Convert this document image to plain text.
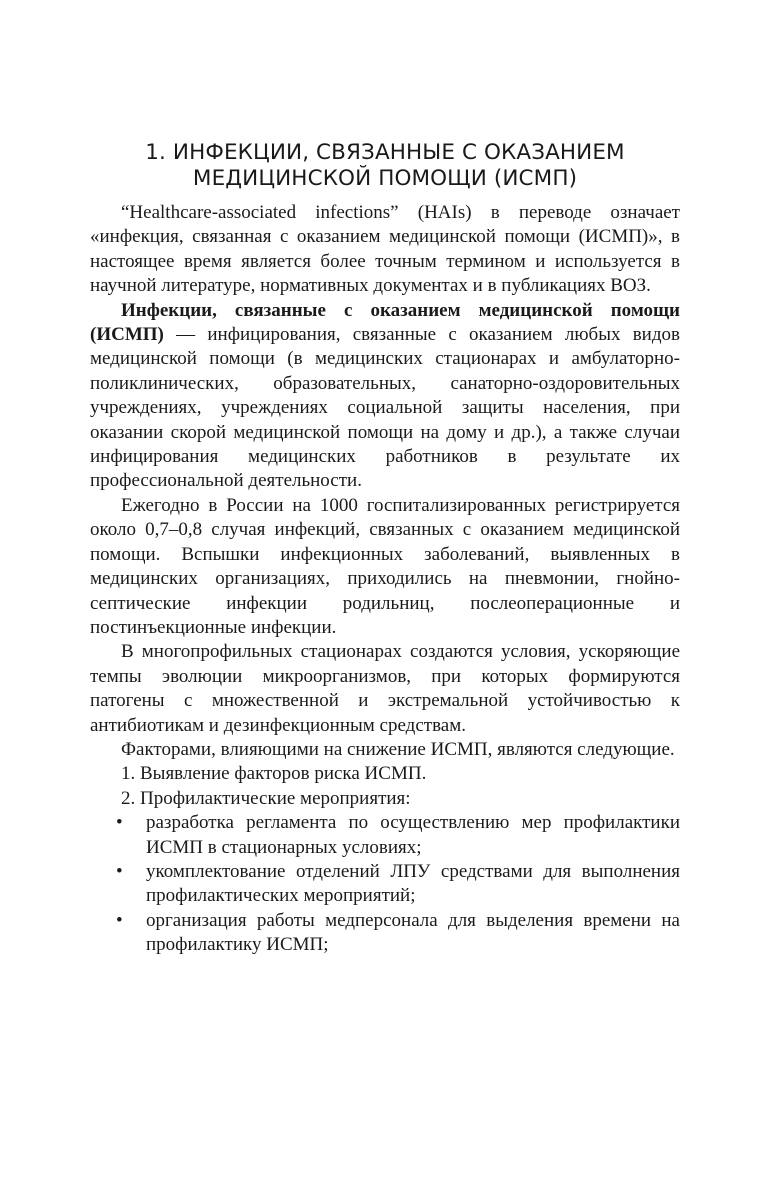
1. ИНФЕКЦИИ, СВЯЗАННЫЕ С ОКАЗАНИЕМ
МЕДИЦИНСКОЙ ПОМОЩИ (ИСМП)

“Healthcare-associated infections” (HAIs) в переводе означает «инфекция, связанная с оказанием медицинской помощи (ИСМП)», в настоящее время является более точным термином и используется в научной литературе, нормативных документах и в публикациях ВОЗ.

Инфекции, связанные с оказанием медицинской помощи (ИСМП) — инфицирования, связанные с оказанием любых видов медицинской помощи (в медицинских стационарах и амбулаторно-поликлинических, образовательных, санаторно-оздоровительных учреждениях, учреждениях социальной защиты населения, при оказании скорой медицинской помощи на дому и др.), а также случаи инфицирования медицинских работников в результате их профессиональной деятельности.

Ежегодно в России на 1000 госпитализированных регистрируется около 0,7–0,8 случая инфекций, связанных с оказанием медицинской помощи. Вспышки инфекционных заболеваний, выявленных в медицинских организациях, приходились на пневмонии, гнойно-септические инфекции родильниц, послеоперационные и постинъекционные инфекции.

В многопрофильных стационарах создаются условия, ускоряющие темпы эволюции микроорганизмов, при которых формируются патогены с множественной и экстремальной устойчивостью к антибиотикам и дезинфекционным средствам.

Факторами, влияющими на снижение ИСМП, являются следующие.

1. Выявление факторов риска ИСМП.

2. Профилактические мероприятия:

• разработка регламента по осуществлению мер профилактики ИСМП в стационарных условиях;
• укомплектование отделений ЛПУ средствами для выполнения профилактических мероприятий;
• организация работы медперсонала для выделения времени на профилактику ИСМП;
